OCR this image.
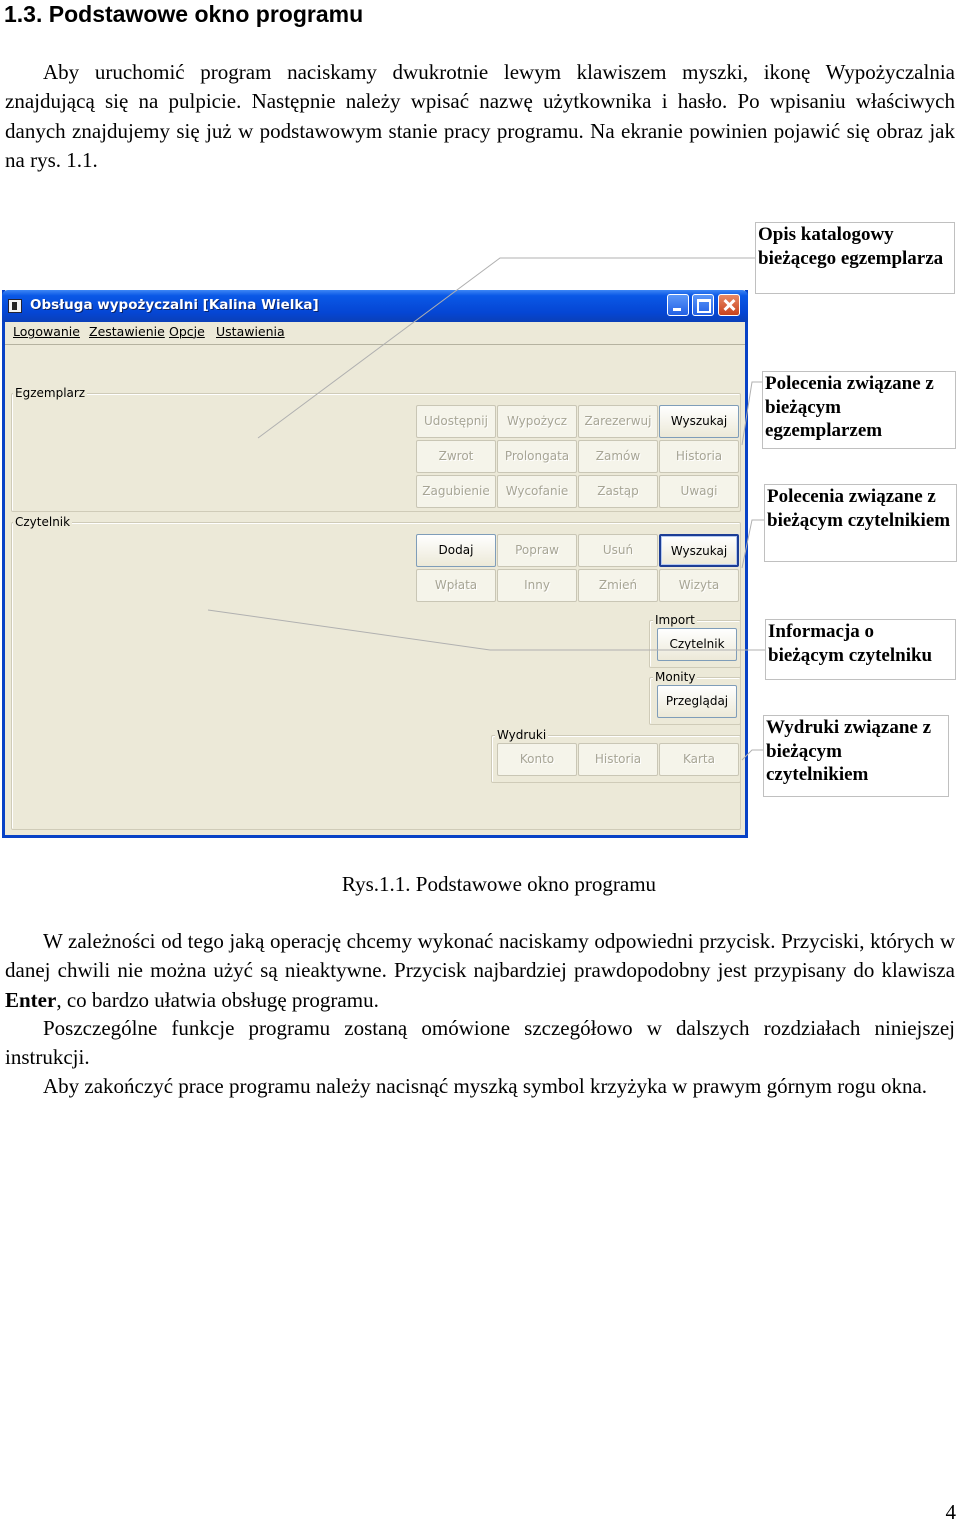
1.3. Podstawowe okno programu

Aby uruchomić program naciskamy dwukrotnie lewym klawiszem myszki, ikonę Wypożyczalnia znajdującą się na pulpicie. Następnie należy wpisać nazwę użytkownika i hasło. Po wpisaniu właściwych danych znajdujemy się już w podstawowym stanie pracy programu. Na ekranie powinien pojawić się obraz jak na rys. 1.1.

Obsługa wypożyczalni [Kalina Wielka]
Logowanie Zestawienie Opcje Ustawienia
Egzemplarz
Udostępnij	Wypożycz	Zarezerwuj	Wyszukaj
Zwrot	Prolongata	Zamów	Historia
Zagubienie	Wycofanie	Zastąp	Uwagi
Czytelnik
Dodaj	Popraw	Usuń	Wyszukaj
Wpłata	Inny	Zmień	Wizyta
Import
Czytelnik
Monity
Przeglądaj
Wydruki
Konto	Historia	Karta
Opis katalogowy bieżącego egzemplarza
Polecenia związane z bieżącym egzemplarzem
Polecenia związane z bieżącym czytelnikiem
Informacja o bieżącym czytelniku
Wydruki związane z bieżącym czytelnikiem

Rys.1.1. Podstawowe okno programu

W zależności od tego jaką operację chcemy wykonać naciskamy odpowiedni przycisk. Przyciski, których w danej chwili nie można użyć są nieaktywne. Przycisk najbardziej prawdopodobny jest przypisany do klawisza Enter, co bardzo ułatwia obsługę programu.

Poszczególne funkcje programu zostaną omówione szczegółowo w dalszych rozdziałach niniejszej instrukcji.

Aby zakończyć prace programu należy nacisnąć myszką symbol krzyżyka w prawym górnym rogu okna.

4
